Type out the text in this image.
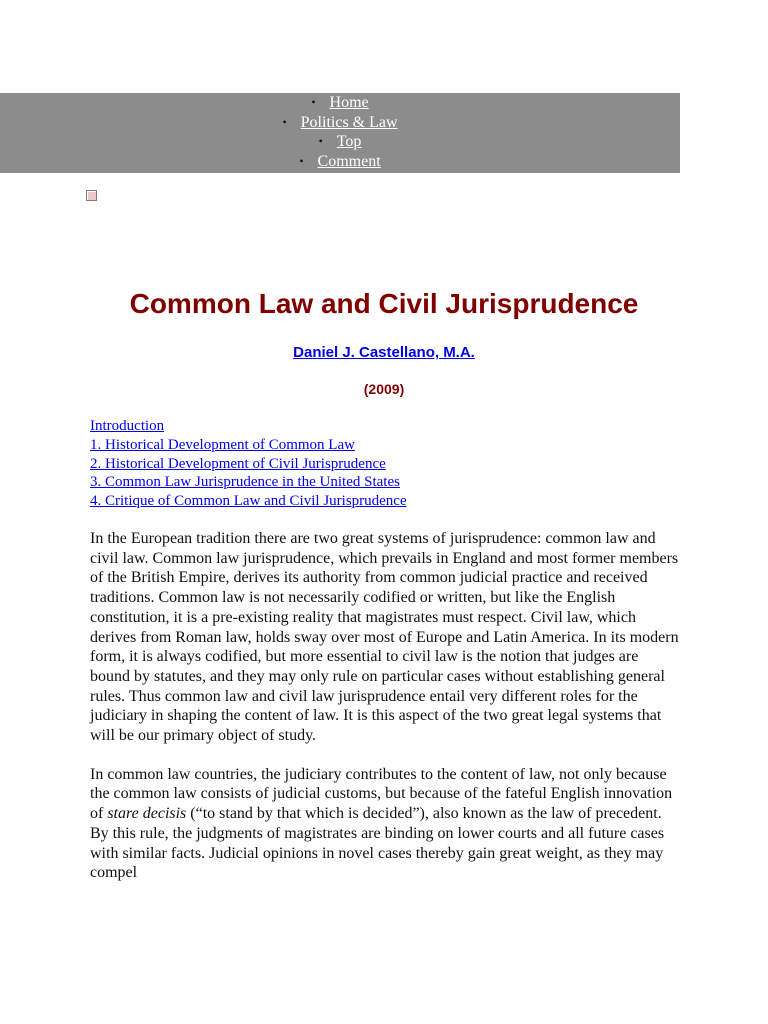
• Home
• Politics & Law
• Top
• Comment
Common Law and Civil Jurisprudence
Daniel J. Castellano, M.A.
(2009)
Introduction
1. Historical Development of Common Law
2. Historical Development of Civil Jurisprudence
3. Common Law Jurisprudence in the United States
4. Critique of Common Law and Civil Jurisprudence

In the European tradition there are two great systems of jurisprudence: common law and civil law. Common law jurisprudence, which prevails in England and most former members of the British Empire, derives its authority from common judicial practice and received traditions. Common law is not necessarily codified or written, but like the English constitution, it is a pre-existing reality that magistrates must respect. Civil law, which derives from Roman law, holds sway over most of Europe and Latin America. In its modern form, it is always codified, but more essential to civil law is the notion that judges are bound by statutes, and they may only rule on particular cases without establishing general rules. Thus common law and civil law jurisprudence entail very different roles for the judiciary in shaping the content of law. It is this aspect of the two great legal systems that will be our primary object of study.

In common law countries, the judiciary contributes to the content of law, not only because the common law consists of judicial customs, but because of the fateful English innovation of stare decisis (“to stand by that which is decided”), also known as the law of precedent. By this rule, the judgments of magistrates are binding on lower courts and all future cases with similar facts. Judicial opinions in novel cases thereby gain great weight, as they may compel
